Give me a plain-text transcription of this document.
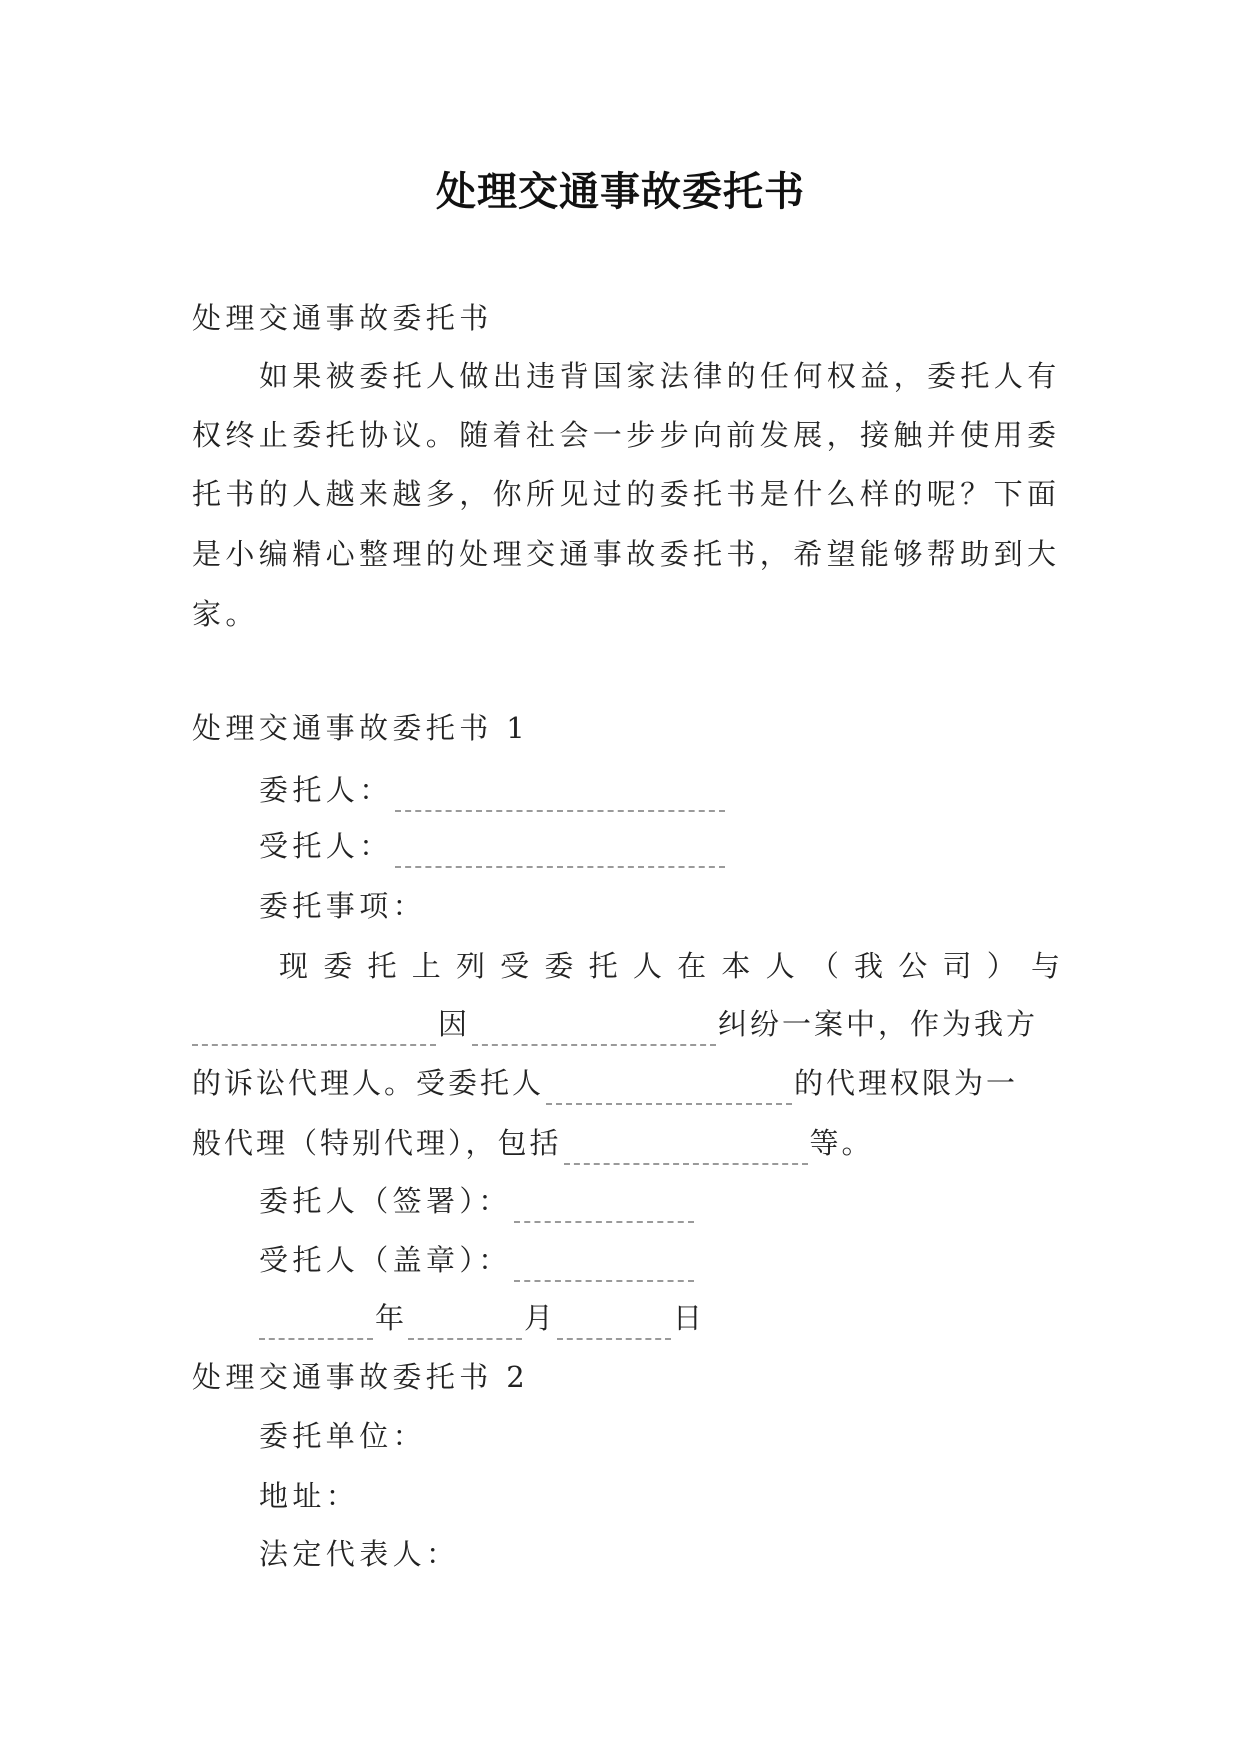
处理交通事故委托书
处理交通事故委托书
如果被委托人做出违背国家法律的任何权益，委托人有
权终止委托协议。随着社会一步步向前发展，接触并使用委
托书的人越来越多，你所见过的委托书是什么样的呢？下面
是小编精心整理的处理交通事故委托书，希望能够帮助到大
家。
处理交通事故委托书 1
委托人：
受托人：
委托事项：
现委托上列受委托人在本人（我公司）与
因	纠纷一案中，作为我方
的诉讼代理人。受委托人	的代理权限为一
般代理（特别代理），包括	等。
委托人（签署）：
受托人（盖章）：
年	月	日
处理交通事故委托书 2
委托单位：
地址：
法定代表人：
